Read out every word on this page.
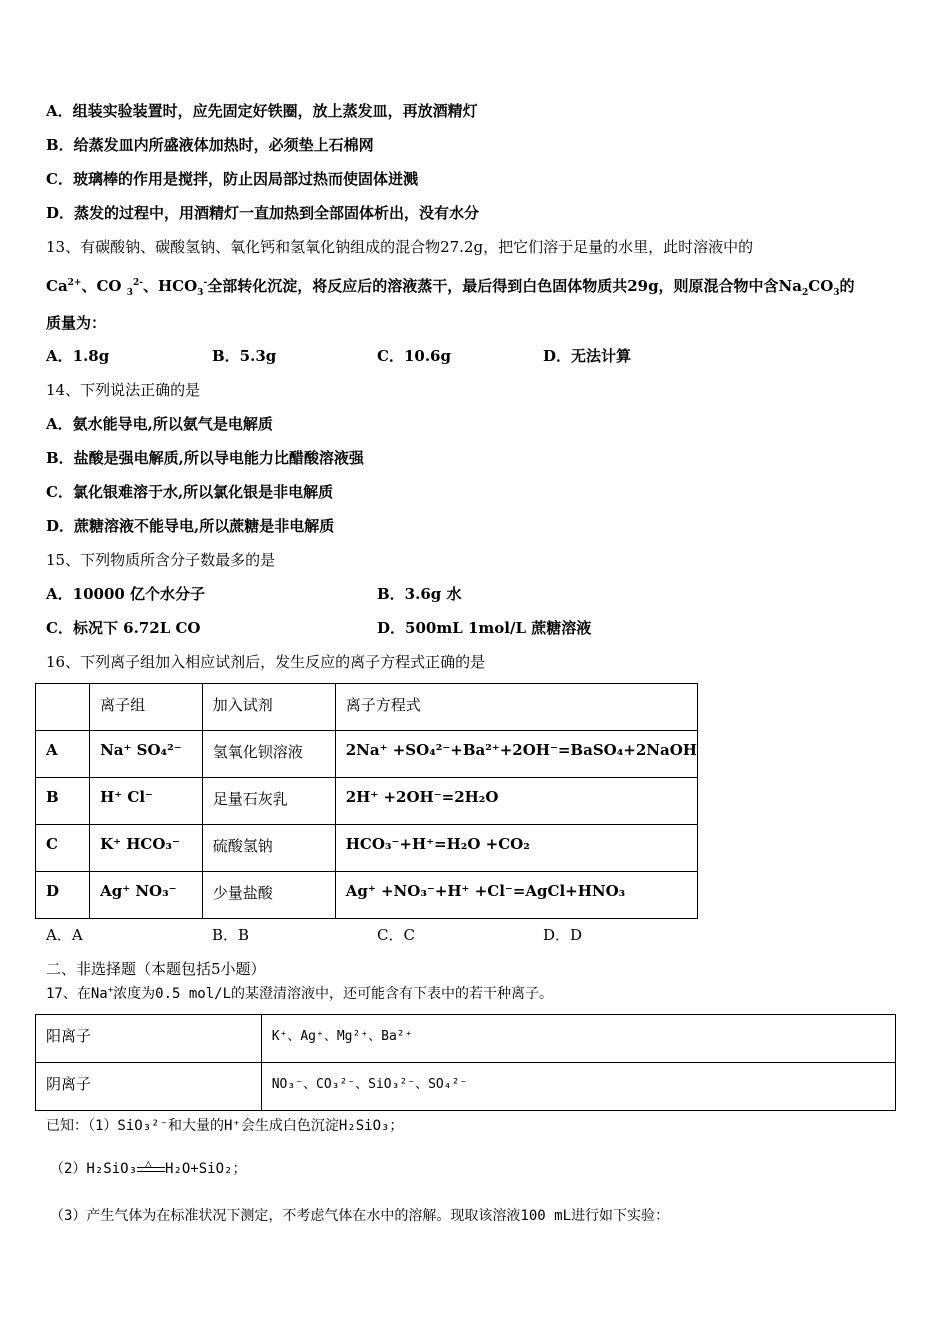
A．组装实验装置时，应先固定好铁圈，放上蒸发皿，再放酒精灯
B．给蒸发皿内所盛液体加热时，必须垫上石棉网
C．玻璃棒的作用是搅拌，防止因局部过热而使固体迸溅
D．蒸发的过程中，用酒精灯一直加热到全部固体析出，没有水分
13、有碳酸钠、碳酸氢钠、氧化钙和氢氧化钠组成的混合物27.2g，把它们溶于足量的水里，此时溶液中的
$Ca^{2+}$、CO $_3^{2-}$、$HCO_3^-$全部转化沉淀，将反应后的溶液蒸干，最后得到白色固体物质共29g，则原混合物中含$Na_2CO_3$的
质量为：
A．1.8g	B．5.3g	C．10.6g	D．无法计算
14、下列说法正确的是
A．氨水能导电,所以氨气是电解质
B．盐酸是强电解质,所以导电能力比醋酸溶液强
C．氯化银难溶于水,所以氯化银是非电解质
D．蔗糖溶液不能导电,所以蔗糖是非电解质
15、下列物质所含分子数最多的是
A．10000 亿个水分子	B．3.6g 水
C．标况下 6.72L CO	D．500mL 1mol/L 蔗糖溶液
16、下列离子组加入相应试剂后，发生反应的离子方程式正确的是
	离子组	加入试剂	离子方程式
A	Na⁺ SO₄²⁻	氢氧化钡溶液	2Na⁺ +SO₄²⁻+Ba²⁺+2OH⁻=BaSO₄+2NaOH
B	H⁺ Cl⁻	足量石灰乳	2H⁺ +2OH⁻=2H₂O
C	K⁺ HCO₃⁻	硫酸氢钠	HCO₃⁻+H⁺=H₂O +CO₂
D	Ag⁺ NO₃⁻	少量盐酸	Ag⁺ +NO₃⁻+H⁺ +Cl⁻=AgCl+HNO₃
A．A	B．B	C．C	D．D
二、非选择题（本题包括5小题）
17、在Na+浓度为0.5 mol/L的某澄清溶液中，还可能含有下表中的若干种离子。
阳离子	K⁺、Ag⁺、Mg²⁺、Ba²⁺
阴离子	NO₃⁻、CO₃²⁻、SiO₃²⁻、SO₄²⁻
已知：（1）SiO₃²⁻和大量的H⁺会生成白色沉淀H₂SiO₃；
（2）H₂SiO₃ △ H₂O+SiO₂；
（3）产生气体为在标准状况下测定，不考虑气体在水中的溶解。现取该溶液100 mL进行如下实验：
